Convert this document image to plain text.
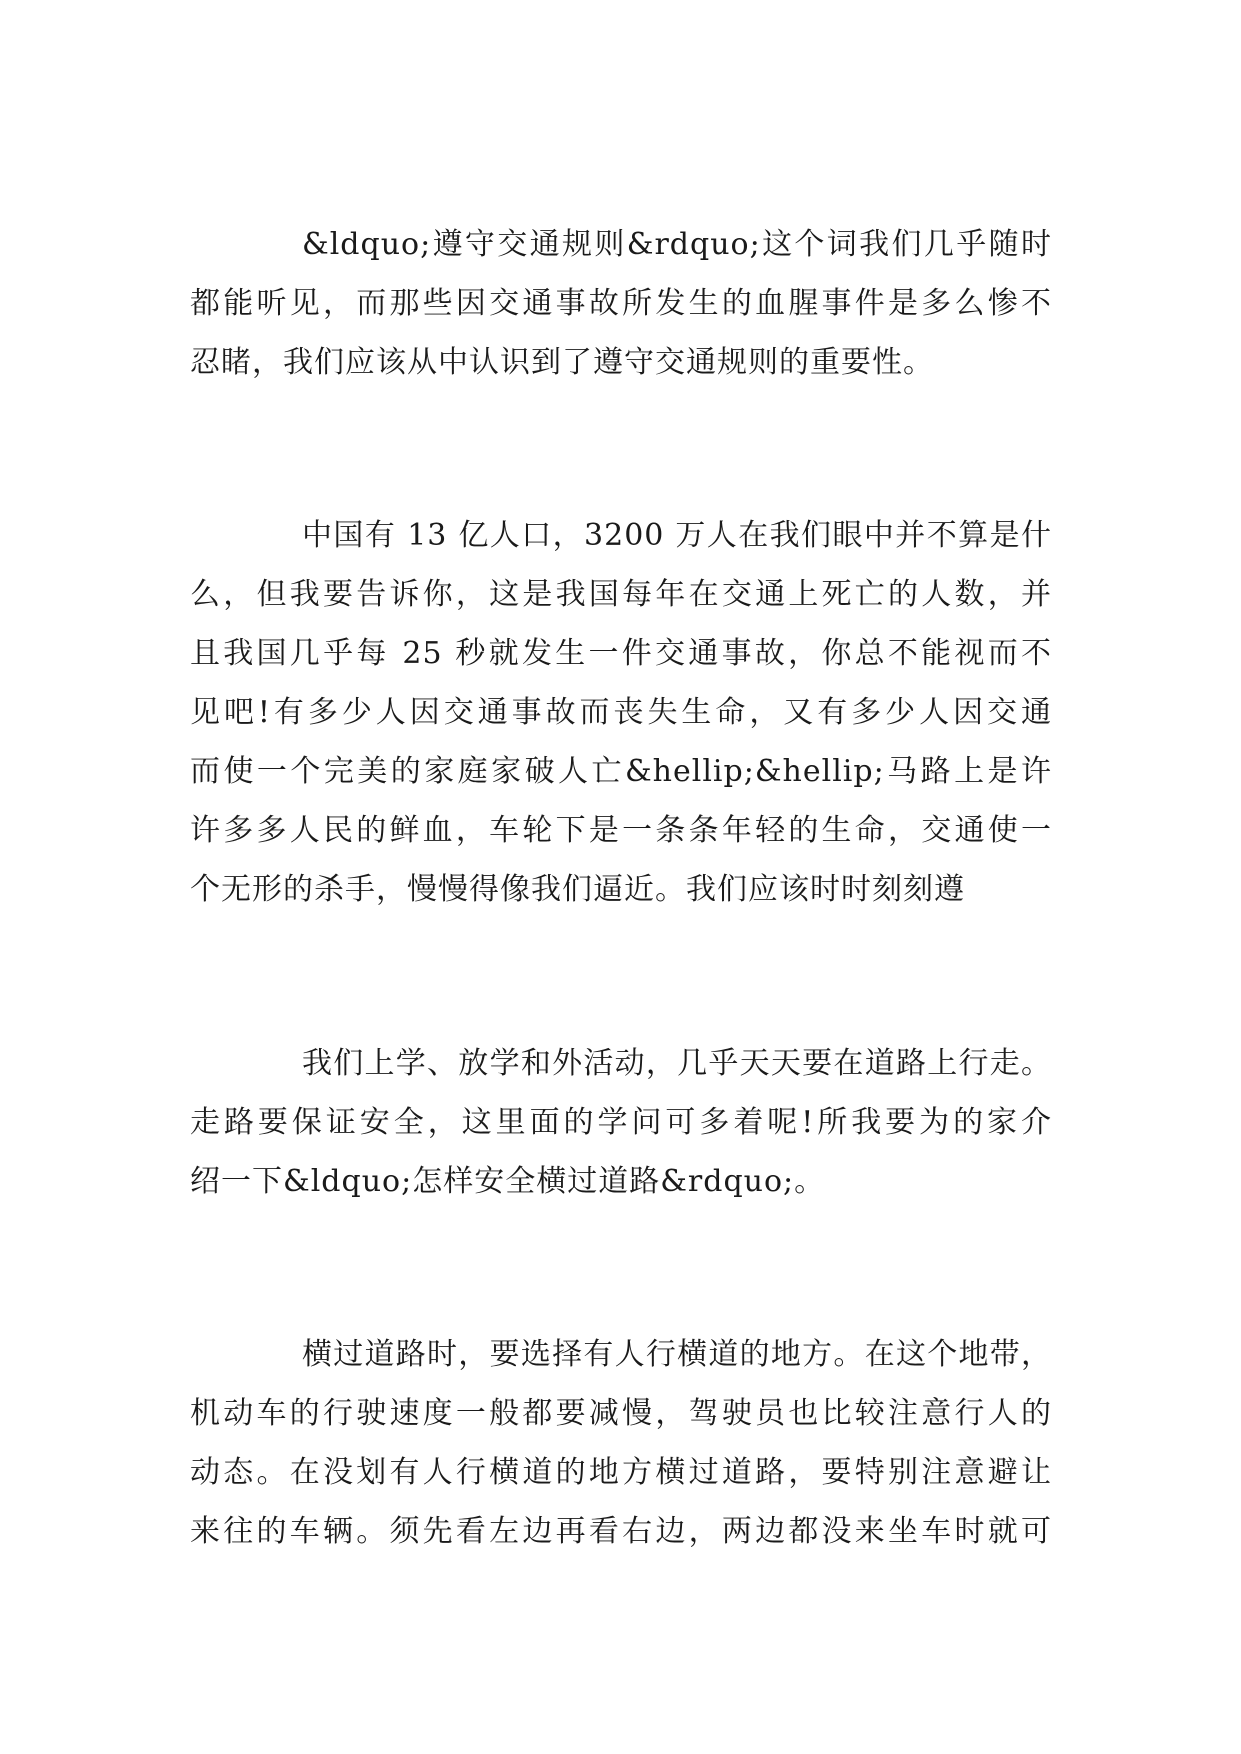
&ldquo;遵守交通规则&rdquo;这个词我们几乎随时
都能听见，而那些因交通事故所发生的血腥事件是多么惨不
忍睹，我们应该从中认识到了遵守交通规则的重要性。
中国有 13 亿人口，3200 万人在我们眼中并不算是什
么，但我要告诉你，这是我国每年在交通上死亡的人数，并
且我国几乎每 25 秒就发生一件交通事故，你总不能视而不
见吧!有多少人因交通事故而丧失生命，又有多少人因交通
而使一个完美的家庭家破人亡&hellip;&hellip;马路上是许
许多多人民的鲜血，车轮下是一条条年轻的生命，交通使一
个无形的杀手，慢慢得像我们逼近。我们应该时时刻刻遵
我们上学、放学和外活动，几乎天天要在道路上行走。
走路要保证安全，这里面的学问可多着呢!所我要为的家介
绍一下&ldquo;怎样安全横过道路&rdquo;。
横过道路时，要选择有人行横道的地方。在这个地带，
机动车的行驶速度一般都要减慢，驾驶员也比较注意行人的
动态。在没划有人行横道的地方横过道路，要特别注意避让
来往的车辆。须先看左边再看右边，两边都没来坐车时就可
